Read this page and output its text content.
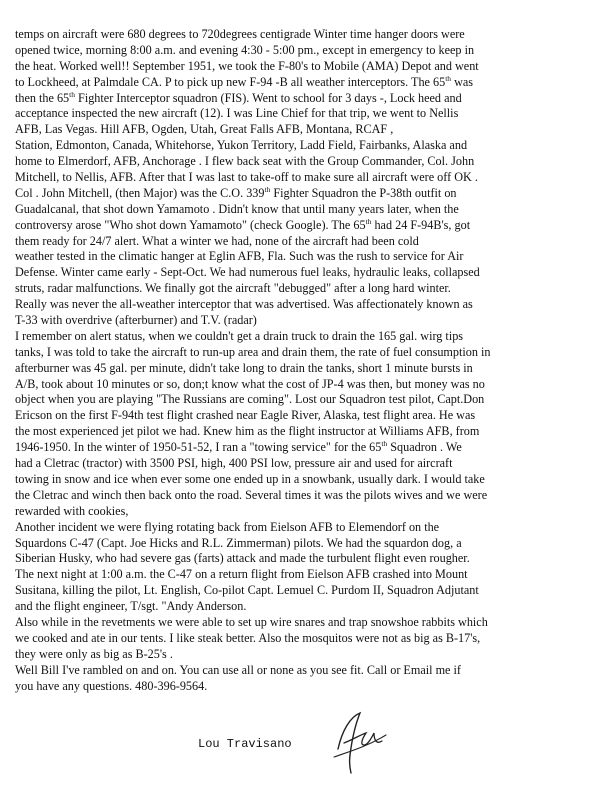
temps on aircraft were 680 degrees to 720degrees centigrade Winter time hanger doors were
opened twice, morning 8:00 a.m. and evening 4:30 - 5:00 pm., except in emergency to keep in
the heat. Worked well!! September 1951, we took the F-80's to Mobile (AMA) Depot and went
to Lockheed, at Palmdale CA. P to pick up new F-94 -B all weather interceptors. The 65th was
then the 65th Fighter Interceptor squadron (FIS). Went to school for 3 days -, Lock heed and
acceptance inspected the new aircraft (12). I was Line Chief for that trip, we went to Nellis
AFB, Las Vegas. Hill AFB, Ogden, Utah, Great Falls AFB, Montana, RCAF ,
Station, Edmonton, Canada, Whitehorse, Yukon Territory, Ladd Field, Fairbanks, Alaska and
home to Elmerdorf, AFB, Anchorage . I flew back seat with the Group Commander, Col. John
Mitchell, to Nellis, AFB. After that I was last to take-off to make sure all aircraft were off OK .
Col . John Mitchell, (then Major) was the C.O. 339th Fighter Squadron the P-38th outfit on
Guadalcanal, that shot down Yamamoto . Didn't know that until many years later, when the
controversy arose "Who shot down Yamamoto" (check Google). The 65th had 24 F-94B's, got
them ready for 24/7 alert. What a winter we had, none of the aircraft had been cold
weather tested in the climatic hanger at Eglin AFB, Fla. Such was the rush to service for Air
Defense. Winter came early - Sept-Oct. We had numerous fuel leaks, hydraulic leaks, collapsed
struts, radar malfunctions. We finally got the aircraft "debugged" after a long hard winter.
Really was never the all-weather interceptor that was advertised. Was affectionately known as
T-33 with overdrive (afterburner) and T.V. (radar)
I remember on alert status, when we couldn't get a drain truck to drain the 165 gal. wirg tips
tanks, I was told to take the aircraft to run-up area and drain them, the rate of fuel consumption in
afterburner was 45 gal. per minute, didn't take long to drain the tanks, short 1 minute bursts in
A/B, took about 10 minutes or so, don;t know what the cost of JP-4 was then, but money was no
object when you are playing "The Russians are coming". Lost our Squadron test pilot, Capt.Don
Ericson on the first F-94th test flight crashed near Eagle River, Alaska, test flight area. He was
the most experienced jet pilot we had. Knew him as the flight instructor at Williams AFB, from
1946-1950. In the winter of 1950-51-52, I ran a "towing service" for the 65th Squadron . We
had a Cletrac (tractor) with 3500 PSI, high, 400 PSI low, pressure air and used for aircraft
towing in snow and ice when ever some one ended up in a snowbank, usually dark. I would take
the Cletrac and winch then back onto the road. Several times it was the pilots wives and we were
rewarded with cookies,
Another incident we were flying rotating back from Eielson AFB to Elemendorf on the
Squardons C-47 (Capt. Joe Hicks and R.L. Zimmerman) pilots. We had the squardon dog, a
Siberian Husky, who had severe gas (farts) attack and made the turbulent flight even rougher.
The next night at 1:00 a.m. the C-47 on a return flight from Eielson AFB crashed into Mount
Susitana, killing the pilot, Lt. English, Co-pilot Capt. Lemuel C. Purdom II, Squadron Adjutant
and the flight engineer, T/sgt. "Andy Anderson.
Also while in the revetments we were able to set up wire snares and trap snowshoe rabbits which
we cooked and ate in our tents. I like steak better. Also the mosquitos were not as big as B-17's,
they were only as big as B-25's .
Well Bill I've rambled on and on. You can use all or none as you see fit. Call or Email me if
you have any questions. 480-396-9564.
Lou Travisano
